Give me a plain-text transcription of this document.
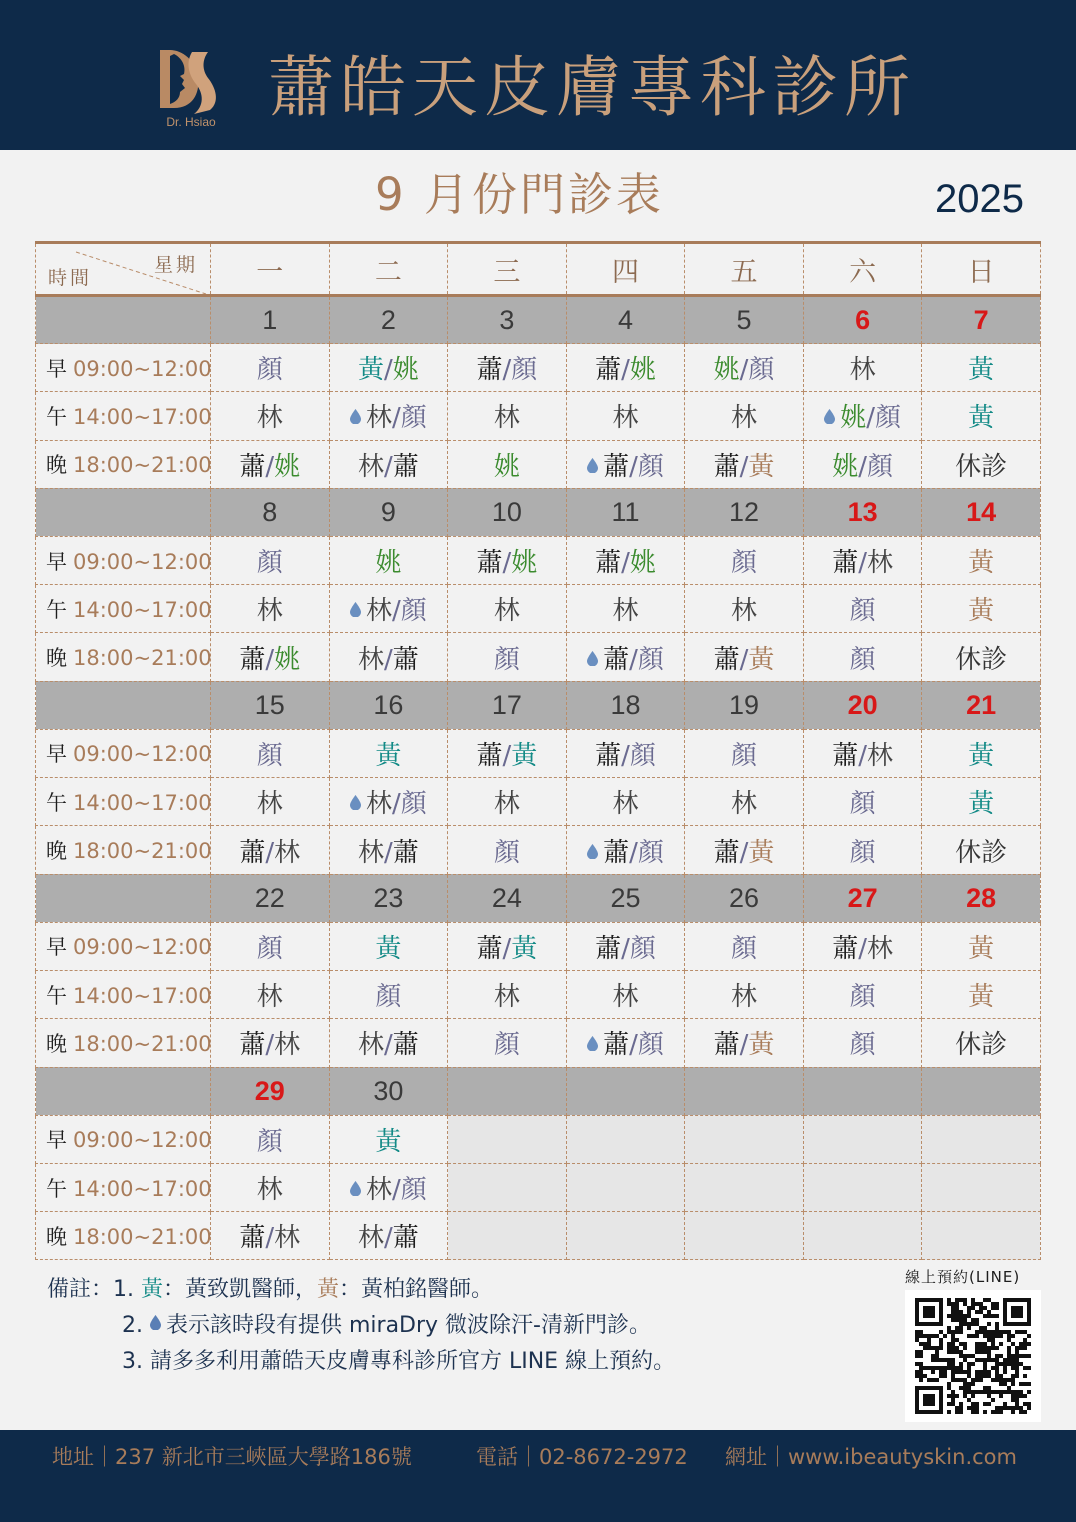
Dr. Hsiao 蕭皓天皮膚專科診所
9 月份門診表	2025
星期
時間	一	二	三	四	五	六	日
	1	2	3	4	5	6	7
早 09:00~12:00	顏	黃/姚	蕭/顏	蕭/姚	姚/顏	林	黃
午 14:00~17:00	林	林/顏	林	林	林	姚/顏	黃
晚 18:00~21:00	蕭/姚	林/蕭	姚	蕭/顏	蕭/黃	姚/顏	休診
	8	9	10	11	12	13	14
早 09:00~12:00	顏	姚	蕭/姚	蕭/姚	顏	蕭/林	黃
午 14:00~17:00	林	林/顏	林	林	林	顏	黃
晚 18:00~21:00	蕭/姚	林/蕭	顏	蕭/顏	蕭/黃	顏	休診
	15	16	17	18	19	20	21
早 09:00~12:00	顏	黃	蕭/黃	蕭/顏	顏	蕭/林	黃
午 14:00~17:00	林	林/顏	林	林	林	顏	黃
晚 18:00~21:00	蕭/林	林/蕭	顏	蕭/顏	蕭/黃	顏	休診
	22	23	24	25	26	27	28
早 09:00~12:00	顏	黃	蕭/黃	蕭/顏	顏	蕭/林	黃
午 14:00~17:00	林	顏	林	林	林	顏	黃
晚 18:00~21:00	蕭/林	林/蕭	顏	蕭/顏	蕭/黃	顏	休診
	29	30					
早 09:00~12:00	顏	黃					
午 14:00~17:00	林	林/顏					
晚 18:00~21:00	蕭/林	林/蕭					
備註：1. 黃：黃致凱醫師，黃：黃柏銘醫師。
2. 表示該時段有提供 miraDry 微波除汗-清新門診。
3. 請多多利用蕭皓天皮膚專科診所官方 LINE 線上預約。
線上預約(LINE)
地址｜237 新北市三峽區大學路186號	電話｜02-8672-2972 網址｜www.ibeautyskin.com
